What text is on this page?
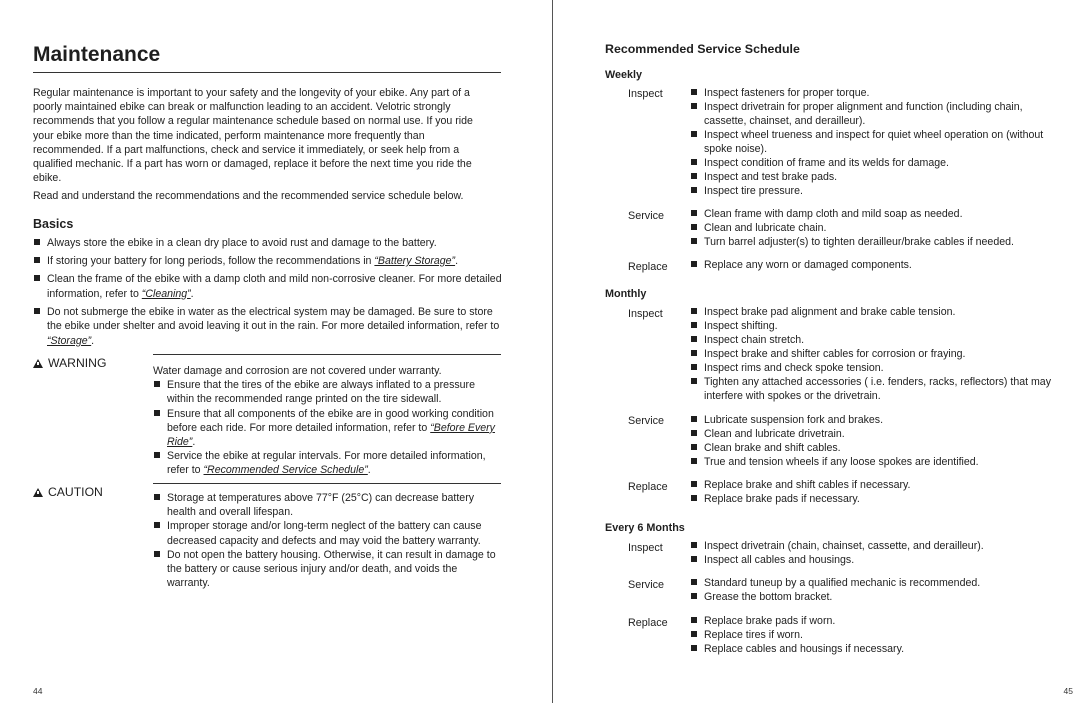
Maintenance
Regular maintenance is important to your safety and the longevity of your ebike. Any part of a poorly maintained ebike can break or malfunction leading to an accident. Velotric strongly recommends that you follow a regular maintenance schedule based on normal use. If you ride your ebike more than the time indicated, perform maintenance more frequently than recommended. If a part malfunctions, check and service it immediately, or seek help from a qualified mechanic. If a part has worn or damaged, replace it before the next time you ride the ebike.
Read and understand the recommendations and the recommended service schedule below.
Basics
Always store the ebike in a clean dry place to avoid rust and damage to the battery.
If storing your battery for long periods, follow the recommendations in “Battery Storage”.
Clean the frame of the ebike with a damp cloth and mild non-corrosive cleaner. For more detailed information, refer to “Cleaning”.
Do not submerge the ebike in water as the electrical system may be damaged. Be sure to store the ebike under shelter and avoid leaving it out in the rain. For more detailed information, refer to “Storage”.
WARNING
Water damage and corrosion are not covered under warranty.
Ensure that the tires of the ebike are always inflated to a pressure within the recommended range printed on the tire sidewall.
Ensure that all components of the ebike are in good working condition before each ride. For more detailed information, refer to “Before Every Ride”.
Service the ebike at regular intervals. For more detailed information, refer to “Recommended Service Schedule”.
CAUTION	Storage at temperatures above 77°F (25°C) can decrease battery health and overall lifespan.
Improper storage and/or long-term neglect of the battery can cause decreased capacity and defects and may void the battery warranty.
Do not open the battery housing. Otherwise, it can result in damage to the battery or cause serious injury and/or death, and voids the warranty.
44
Recommended Service Schedule
Weekly
Inspect	Inspect fasteners for proper torque.
Inspect drivetrain for proper alignment and function (including chain, cassette, chainset, and derailleur).
Inspect wheel trueness and inspect for quiet wheel operation on (without spoke noise).
Inspect condition of frame and its welds for damage.
Inspect and test brake pads.
Inspect tire pressure.
Service	Clean frame with damp cloth and mild soap as needed.
Clean and lubricate chain.
Turn barrel adjuster(s) to tighten derailleur/brake cables if needed.
Replace	Replace any worn or damaged components.
Monthly
Inspect	Inspect brake pad alignment and brake cable tension.
Inspect shifting.
Inspect chain stretch.
Inspect brake and shifter cables for corrosion or fraying.
Inspect rims and check spoke tension.
Tighten any attached accessories ( i.e. fenders, racks, reflectors) that may interfere with spokes or the drivetrain.
Service	Lubricate suspension fork and brakes.
Clean and lubricate drivetrain.
Clean brake and shift cables.
True and tension wheels if any loose spokes are identified.
Replace	Replace brake and shift cables if necessary.
Replace brake pads if necessary.
Every 6 Months
Inspect	Inspect drivetrain (chain, chainset, cassette, and derailleur).
Inspect all cables and housings.
Service	Standard tuneup by a qualified mechanic is recommended.
Grease the bottom bracket.
Replace	Replace brake pads if worn.
Replace tires if worn.
Replace cables and housings if necessary.
45
